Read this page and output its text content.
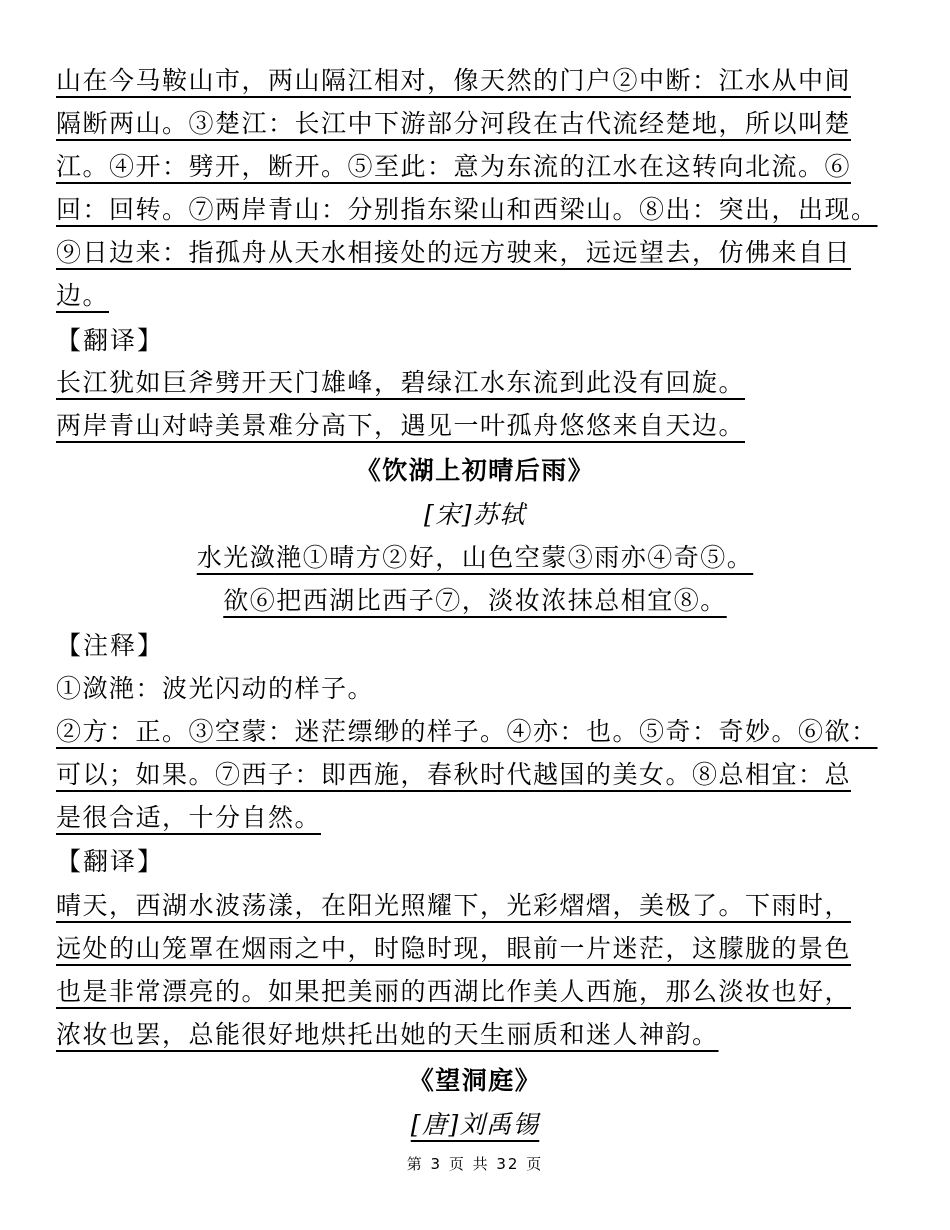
山在今马鞍山市，两山隔江相对，像天然的门户②中断：江水从中间
隔断两山。③楚江：长江中下游部分河段在古代流经楚地，所以叫楚
江。④开：劈开，断开。⑤至此：意为东流的江水在这转向北流。⑥
回：回转。⑦两岸青山：分别指东梁山和西梁山。⑧出：突出，出现。
⑨日边来：指孤舟从天水相接处的远方驶来，远远望去，仿佛来自日
边。
【翻译】
长江犹如巨斧劈开天门雄峰，碧绿江水东流到此没有回旋。
两岸青山对峙美景难分高下，遇见一叶孤舟悠悠来自天边。
《饮湖上初晴后雨》
[宋]苏轼
水光潋滟①晴方②好，山色空蒙③雨亦④奇⑤。
欲⑥把西湖比西子⑦，淡妆浓抹总相宜⑧。
【注释】
①潋滟：波光闪动的样子。
②方：正。③空蒙：迷茫缥缈的样子。④亦：也。⑤奇：奇妙。⑥欲：
可以；如果。⑦西子：即西施，春秋时代越国的美女。⑧总相宜：总
是很合适，十分自然。
【翻译】
晴天，西湖水波荡漾，在阳光照耀下，光彩熠熠，美极了。下雨时，
远处的山笼罩在烟雨之中，时隐时现，眼前一片迷茫，这朦胧的景色
也是非常漂亮的。如果把美丽的西湖比作美人西施，那么淡妆也好，
浓妆也罢，总能很好地烘托出她的天生丽质和迷人神韵。
《望洞庭》
[唐]刘禹锡
第 3 页 共 32 页
